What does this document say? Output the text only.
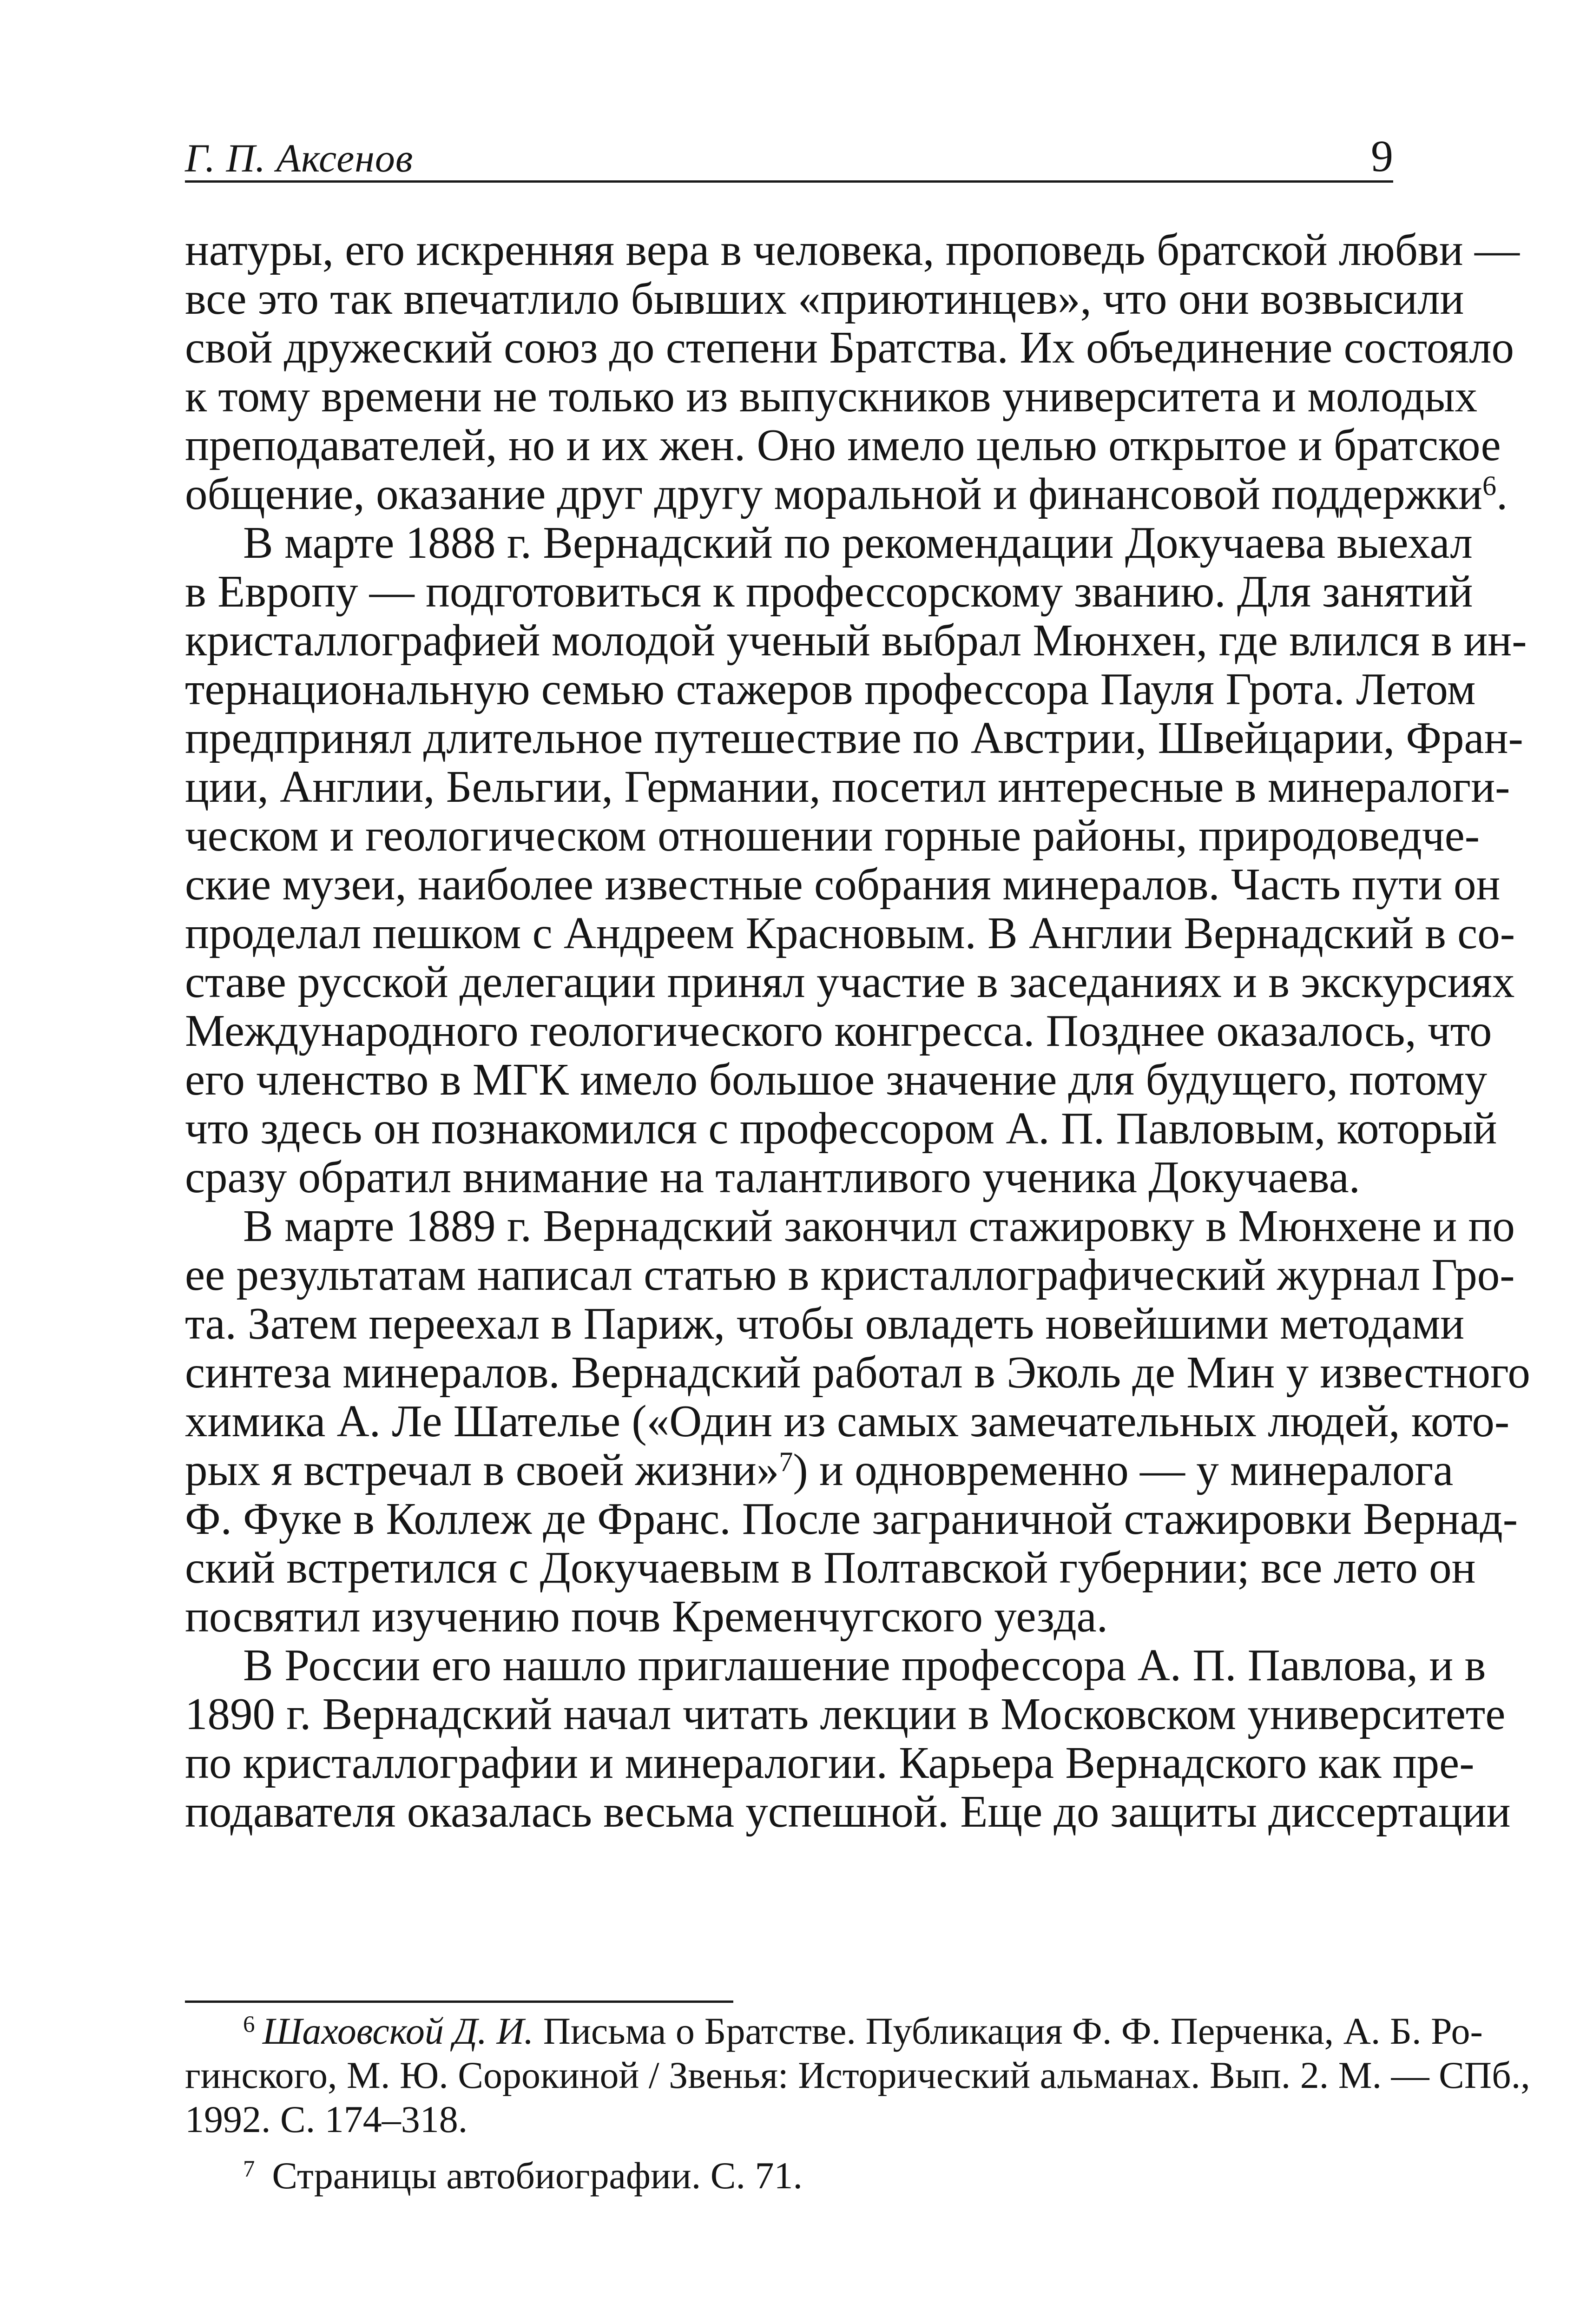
Г. П. Аксенов	9
натуры, его искренняя вера в человека, проповедь братской любви —
все это так впечатлило бывших «приютинцев», что они возвысили
свой дружеский союз до степени Братства. Их объединение состояло
к тому времени не только из выпускников университета и молодых
преподавателей, но и их жен. Оно имело целью открытое и братское
общение, оказание друг другу моральной и финансовой поддержки$^6$.
В марте 1888 г. Вернадский по рекомендации Докучаева выехал
в Европу — подготовиться к профессорскому званию. Для занятий
кристаллографией молодой ученый выбрал Мюнхен, где влился в ин-
тернациональную семью стажеров профессора Пауля Грота. Летом
предпринял длительное путешествие по Австрии, Швейцарии, Фран-
ции, Англии, Бельгии, Германии, посетил интересные в минералоги-
ческом и геологическом отношении горные районы, природоведче-
ские музеи, наиболее известные собрания минералов. Часть пути он
проделал пешком с Андреем Красновым. В Англии Вернадский в со-
ставе русской делегации принял участие в заседаниях и в экскурсиях
Международного геологического конгресса. Позднее оказалось, что
его членство в МГК имело большое значение для будущего, потому
что здесь он познакомился с профессором А. П. Павловым, который
сразу обратил внимание на талантливого ученика Докучаева.
В марте 1889 г. Вернадский закончил стажировку в Мюнхене и по
ее результатам написал статью в кристаллографический журнал Гро-
та. Затем переехал в Париж, чтобы овладеть новейшими методами
синтеза минералов. Вернадский работал в Эколь де Мин у известного
химика А. Ле Шателье («Один из самых замечательных людей, кото-
рых я встречал в своей жизни»$^7$) и одновременно — у минералога
Ф. Фуке в Коллеж де Франс. После заграничной стажировки Вернад-
ский встретился с Докучаевым в Полтавской губернии; все лето он
посвятил изучению почв Кременчугского уезда.
В России его нашло приглашение профессора А. П. Павлова, и в
1890 г. Вернадский начал читать лекции в Московском университете
по кристаллографии и минералогии. Карьера Вернадского как пре-
подавателя оказалась весьма успешной. Еще до защиты диссертации
$^6$  Шаховской Д. И. Письма о Братстве. Публикация Ф. Ф. Перченка, А. Б. Ро-
гинского, М. Ю. Сорокиной / Звенья: Исторический альманах. Вып. 2. М. — СПб.,
1992. С. 174–318.
$^7$  Страницы автобиографии. С. 71.
